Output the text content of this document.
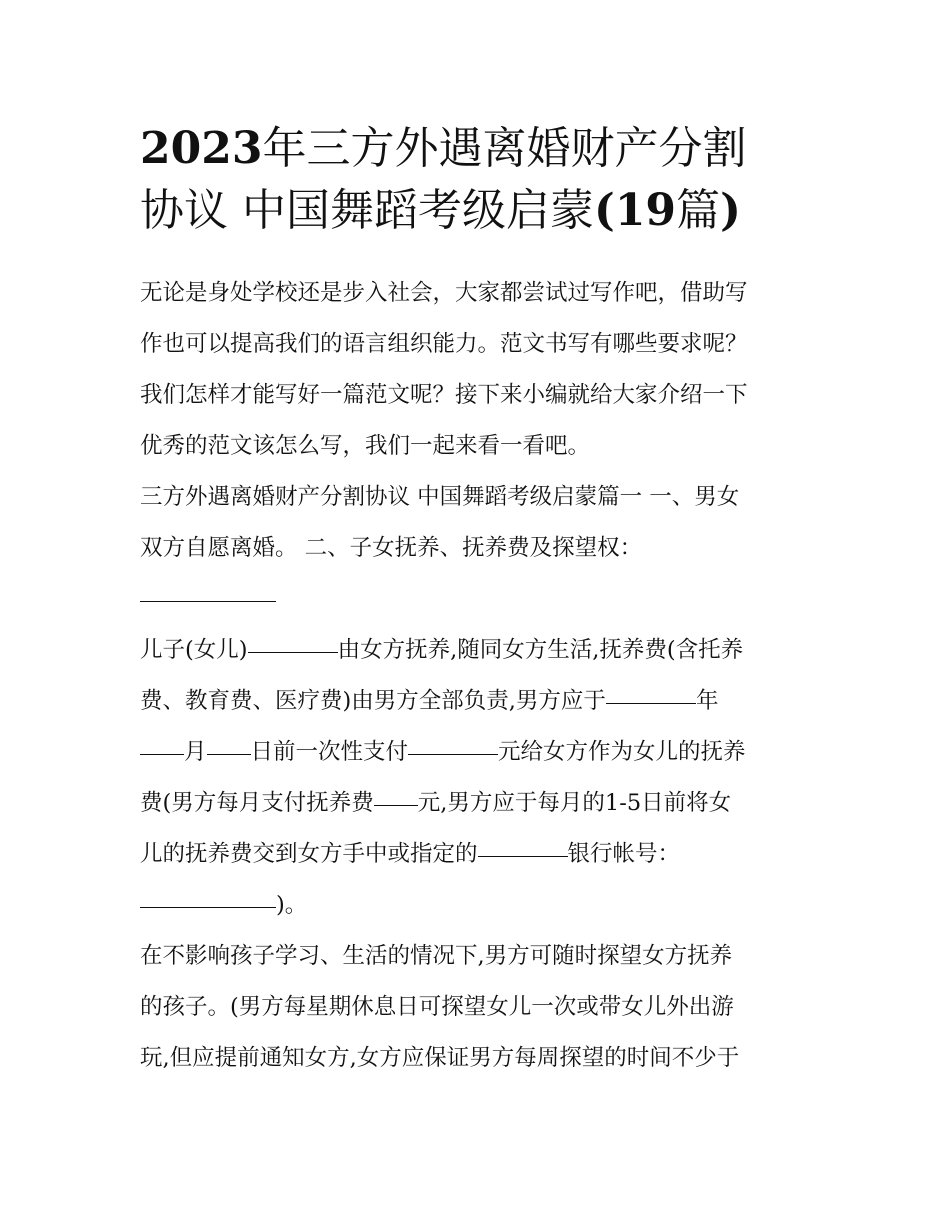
2023年三方外遇离婚财产分割
协议 中国舞蹈考级启蒙(19篇)
无论是身处学校还是步入社会，大家都尝试过写作吧，借助写
作也可以提高我们的语言组织能力。范文书写有哪些要求呢？
我们怎样才能写好一篇范文呢？接下来小编就给大家介绍一下
优秀的范文该怎么写，我们一起来看一看吧。
三方外遇离婚财产分割协议 中国舞蹈考级启蒙篇一 一、男女
双方自愿离婚。 二、子女抚养、抚养费及探望权：
儿子(女儿)	由女方抚养,随同女方生活,抚养费(含托养
费、教育费、医疗费)由男方全部负责,男方应于	年
月 日前一次性支付	元给女方作为女儿的抚养
费(男方每月支付抚养费 元,男方应于每月的1-5日前将女
儿的抚养费交到女方手中或指定的	银行帐号：
)。
在不影响孩子学习、生活的情况下,男方可随时探望女方抚养
的孩子。(男方每星期休息日可探望女儿一次或带女儿外出游
玩,但应提前通知女方,女方应保证男方每周探望的时间不少于
